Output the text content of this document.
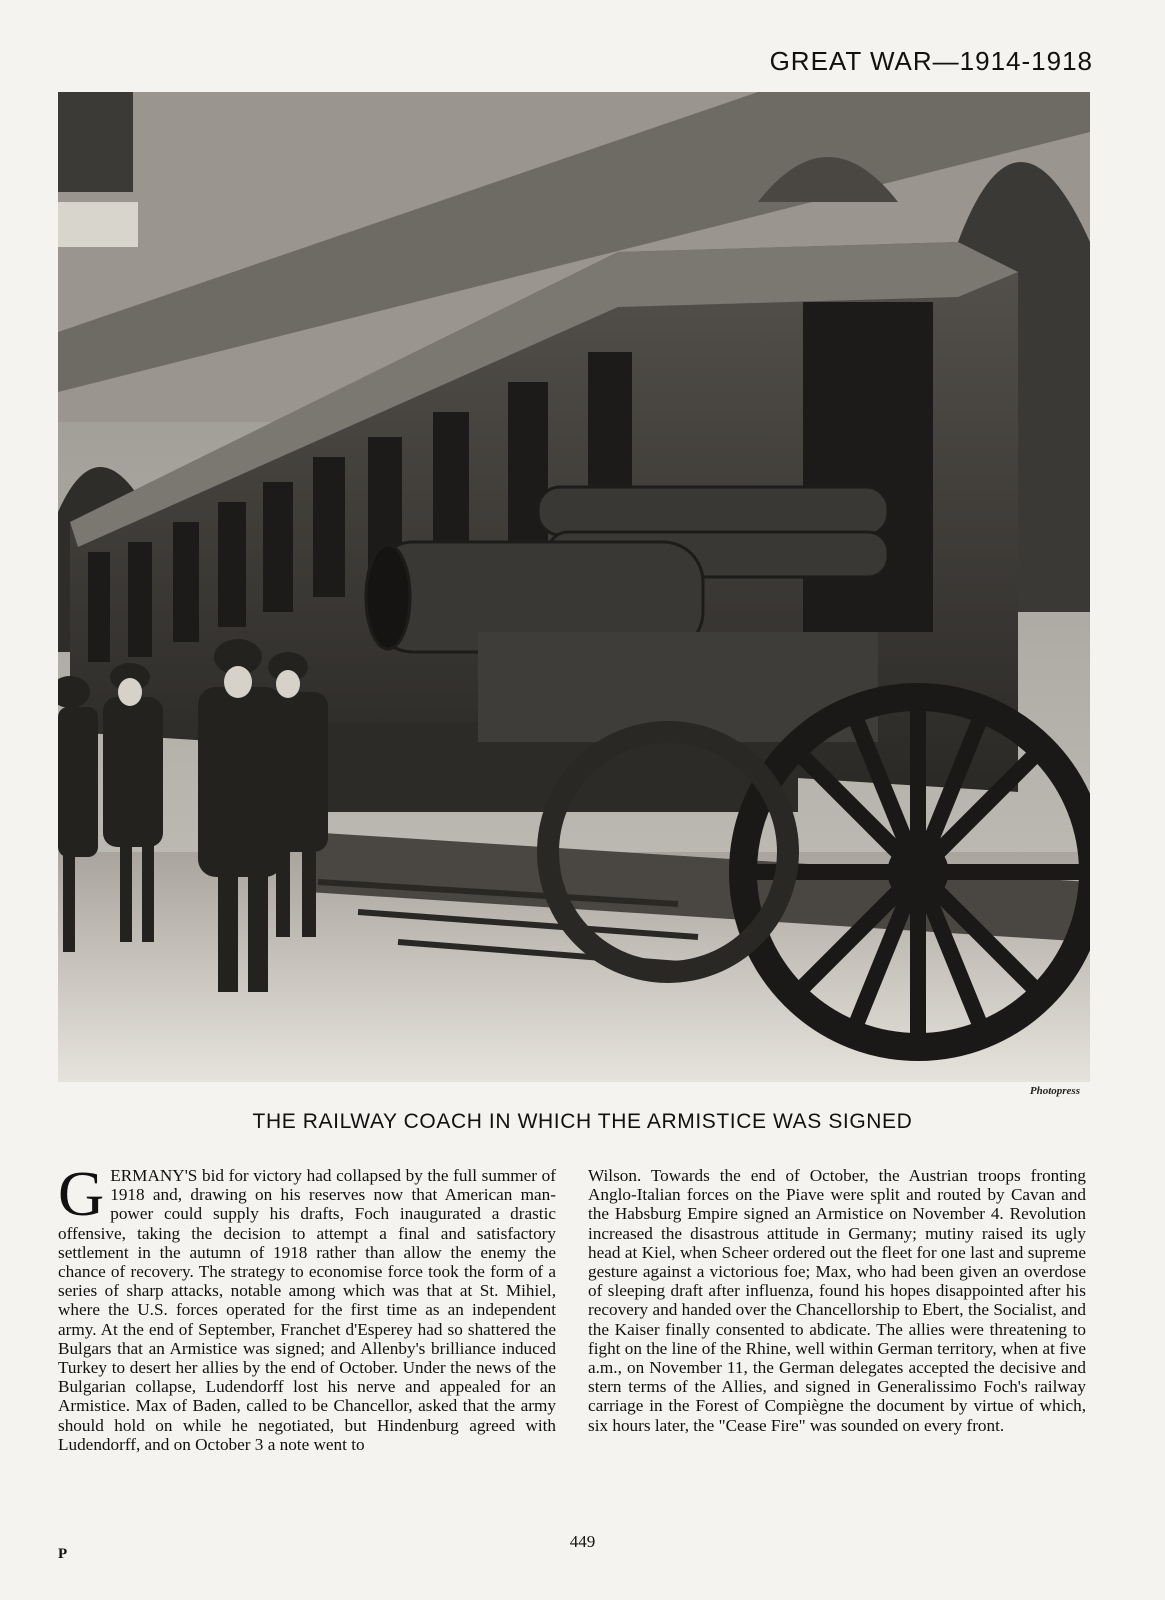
GREAT WAR—1914-1918
Photopress
THE RAILWAY COACH IN WHICH THE ARMISTICE WAS SIGNED
GERMANY'S bid for victory had collapsed by the full summer of 1918 and, drawing on his reserves now that American man-power could supply his drafts, Foch inaugurated a drastic offensive, taking the decision to attempt a final and satisfactory settlement in the autumn of 1918 rather than allow the enemy the chance of recovery. The strategy to economise force took the form of a series of sharp attacks, notable among which was that at St. Mihiel, where the U.S. forces operated for the first time as an independent army. At the end of September, Franchet d'Esperey had so shattered the Bulgars that an Armistice was signed; and Allenby's brilliance induced Turkey to desert her allies by the end of October. Under the news of the Bulgarian collapse, Ludendorff lost his nerve and appealed for an Armistice. Max of Baden, called to be Chancellor, asked that the army should hold on while he negotiated, but Hindenburg agreed with Ludendorff, and on October 3 a note went to
Wilson. Towards the end of October, the Austrian troops fronting Anglo-Italian forces on the Piave were split and routed by Cavan and the Habsburg Empire signed an Armistice on November 4. Revolution increased the disastrous attitude in Germany; mutiny raised its ugly head at Kiel, when Scheer ordered out the fleet for one last and supreme gesture against a victorious foe; Max, who had been given an overdose of sleeping draft after influenza, found his hopes disappointed after his recovery and handed over the Chancellorship to Ebert, the Socialist, and the Kaiser finally consented to abdicate. The allies were threatening to fight on the line of the Rhine, well within German territory, when at five a.m., on November 11, the German delegates accepted the decisive and stern terms of the Allies, and signed in Generalissimo Foch's railway carriage in the Forest of Compiègne the document by virtue of which, six hours later, the "Cease Fire" was sounded on every front.
449
P
